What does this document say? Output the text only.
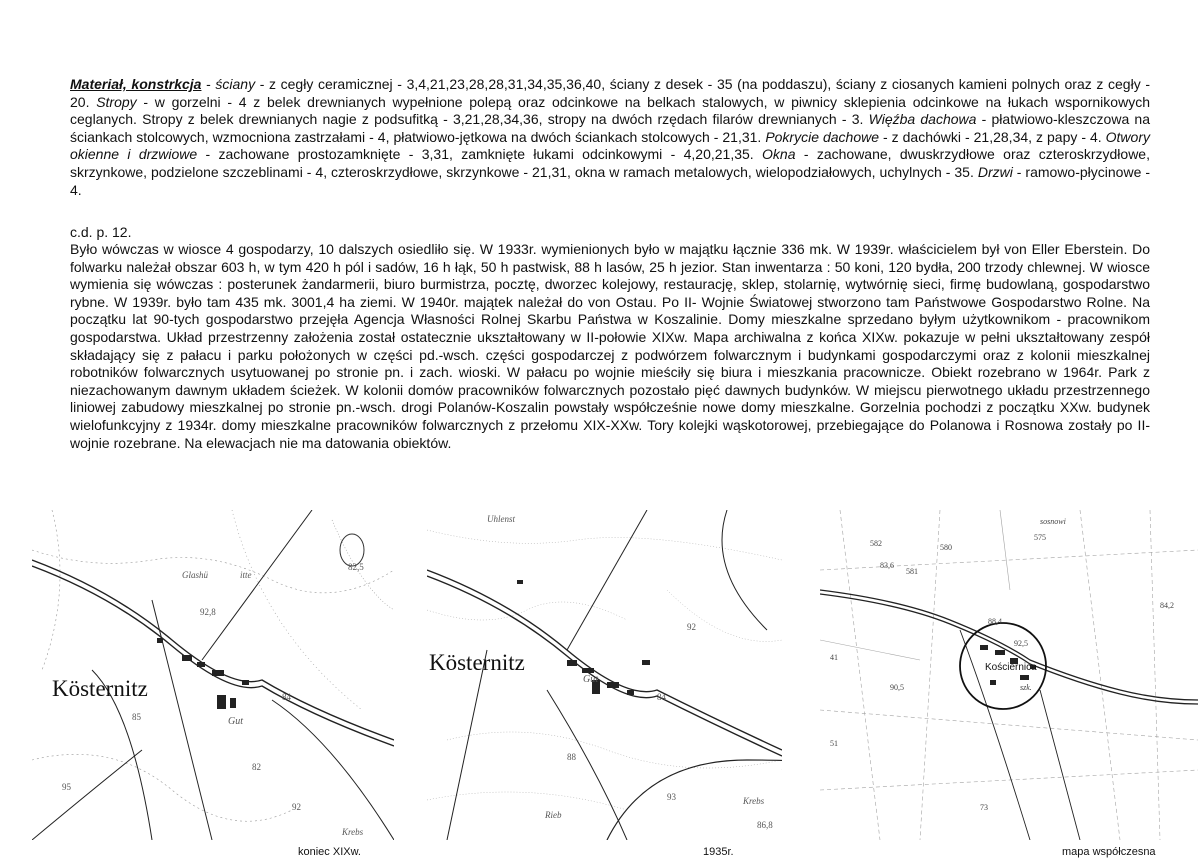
Materiał, konstrkcja - ściany - z cegły ceramicznej - 3,4,21,23,28,28,31,34,35,36,40, ściany z desek - 35 (na poddaszu), ściany z ciosanych kamieni polnych oraz z cegły - 20. Stropy - w gorzelni - 4 z belek drewnianych wypełnione polepą oraz odcinkowe na belkach stalowych, w piwnicy sklepienia odcinkowe na łukach wspornikowych ceglanych. Stropy z belek drewnianych nagie z podsufitką - 3,21,28,34,36, stropy na dwóch rzędach filarów drewnianych - 3. Więźba dachowa - płatwiowo-kleszczowa na ściankach stolcowych, wzmocniona zastrzałami - 4, płatwiowo-jętkowa na dwóch ściankach stolcowych - 21,31. Pokrycie dachowe - z dachówki - 21,28,34, z papy - 4. Otwory okienne i drzwiowe - zachowane prostozamknięte - 3,31, zamknięte łukami odcinkowymi - 4,20,21,35. Okna - zachowane, dwuskrzydłowe oraz czteroskrzydłowe, skrzynkowe, podzielone szczeblinami - 4, czteroskrzydłowe, skrzynkowe - 21,31, okna w ramach metalowych, wielopodziałowych, uchylnych - 35. Drzwi - ramowo-płycinowe - 4.

c.d. p. 12.

Było wówczas w wiosce 4 gospodarzy, 10 dalszych osiedliło się. W 1933r. wymienionych było w majątku łącznie 336 mk. W 1939r. właścicielem był von Eller Eberstein. Do folwarku należał obszar 603 h, w tym 420 h pól i sadów, 16 h łąk, 50 h pastwisk, 88 h lasów, 25 h jezior. Stan inwentarza : 50 koni, 120 bydła, 200 trzody chlewnej. W wiosce wymienia się wówczas : posterunek żandarmerii, biuro burmistrza, pocztę, dworzec kolejowy, restaurację, sklep, stolarnię, wytwórnię sieci, firmę budowlaną, gospodarstwo rybne. W 1939r. było tam 435 mk. 3001,4 ha ziemi. W 1940r. majątek należał do von Ostau. Po II- Wojnie Światowej stworzono tam Państwowe Gospodarstwo Rolne. Na początku lat 90-tych gospodarstwo przejęła Agencja Własności Rolnej Skarbu Państwa w Koszalinie. Domy mieszkalne sprzedano byłym użytkownikom - pracownikom gospodarstwa. Układ przestrzenny założenia został ostatecznie ukształtowany w II-połowie XIXw. Mapa archiwalna z końca XIXw. pokazuje w pełni ukształtowany zespół składający się z pałacu i parku położonych w części pd.-wsch. części gospodarczej z podwórzem folwarcznym i budynkami gospodarczymi oraz z kolonii mieszkalnej robotników folwarcznych usytuowanej po stronie pn. i zach. wioski. W pałacu po wojnie mieściły się biura i mieszkania pracownicze. Obiekt rozebrano w 1964r. Park z niezachowanym dawnym układem ścieżek. W kolonii domów pracowników folwarcznych pozostało pięć dawnych budynków. W miejscu pierwotnego układu przestrzennego liniowej zabudowy mieszkalnej po stronie pn.-wsch. drogi Polanów-Koszalin powstały współcześnie nowe domy mieszkalne. Gorzelnia pochodzi z początku XXw. budynek wielofunkcyjny z 1934r. domy mieszkalne pracowników folwarcznych z przełomu XIX-XXw. Tory kolejki wąskotorowej, przebiegające do Polanowa i Rosnowa zostały po II-wojnie rozebrane. Na elewacjach nie ma datowania obiektów.

Glashü	itte
82,5
92,8
84
85
82
95
92
Krebs
Gut
Kösternitz
Uhlenst
84
92
88
86,8
93	Krebs
Rieb
Gut
Kösternitz
sosnowi
88,4
92,5
90,5
83,6
582	580
581
84,2
41
51
73
575
szk.
Kościernica
koniec XIXw.	1935r.	mapa współczesna
